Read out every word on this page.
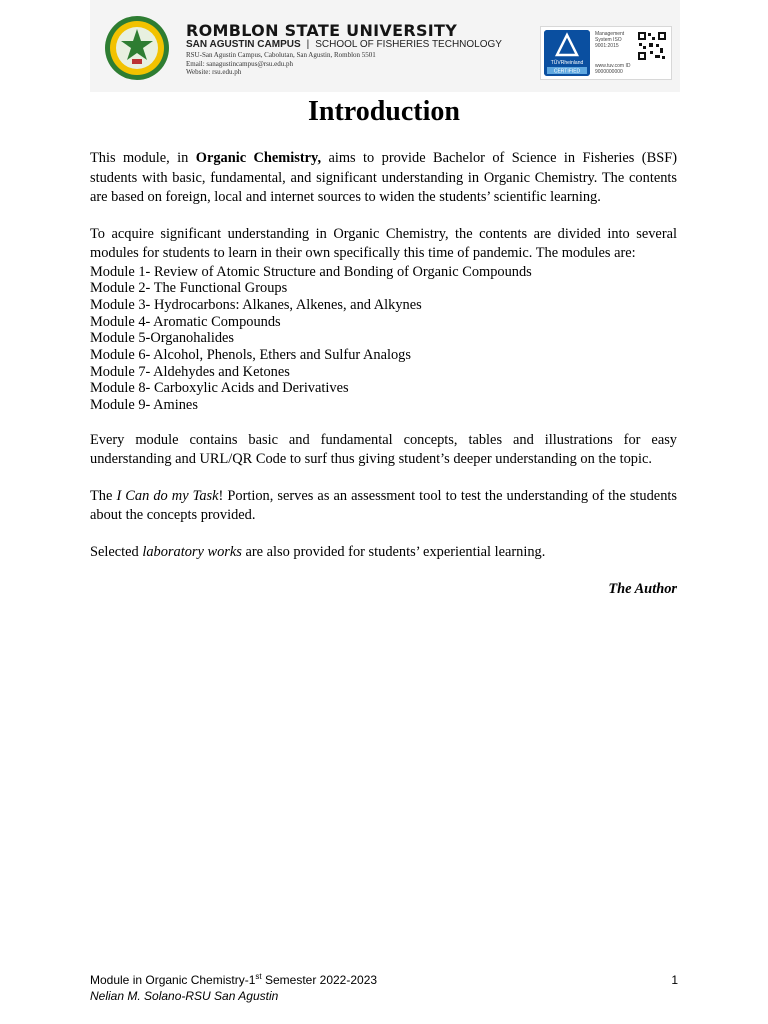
ROMBLON STATE UNIVERSITY
SAN AGUSTIN CAMPUS | SCHOOL OF FISHERIES TECHNOLOGY
RSU-San Agustin Campus, Cabolutan, San Agustin, Romblon 5501
Email: sanagustincampus@rsu.edu.ph
Website: rsu.edu.ph
TÜVRheinland
CERTIFIED
Management System ISO 9001:2015
www.tuv.com ID 9000000000
Introduction

This module, in Organic Chemistry, aims to provide Bachelor of Science in Fisheries (BSF) students with basic, fundamental, and significant understanding in Organic Chemistry. The contents are based on foreign, local and internet sources to widen the students’ scientific learning.

To acquire significant understanding in Organic Chemistry, the contents are divided into several modules for students to learn in their own specifically this time of pandemic. The modules are:

Module 1- Review of Atomic Structure and Bonding of Organic Compounds
Module 2- The Functional Groups
Module 3- Hydrocarbons: Alkanes, Alkenes, and Alkynes
Module 4- Aromatic Compounds
Module 5-Organohalides
Module 6- Alcohol, Phenols, Ethers and Sulfur Analogs
Module 7- Aldehydes and Ketones
Module 8- Carboxylic Acids and Derivatives
Module 9- Amines

Every module contains basic and fundamental concepts, tables and illustrations for easy understanding and URL/QR Code to surf thus giving student’s deeper understanding on the topic.

The I Can do my Task! Portion, serves as an assessment tool to test the understanding of the students about the concepts provided.

Selected laboratory works are also provided for students’ experiential learning.

The Author
Module in Organic Chemistry-1st Semester 2022-2023
Nelian M. Solano-RSU San Agustin
1
